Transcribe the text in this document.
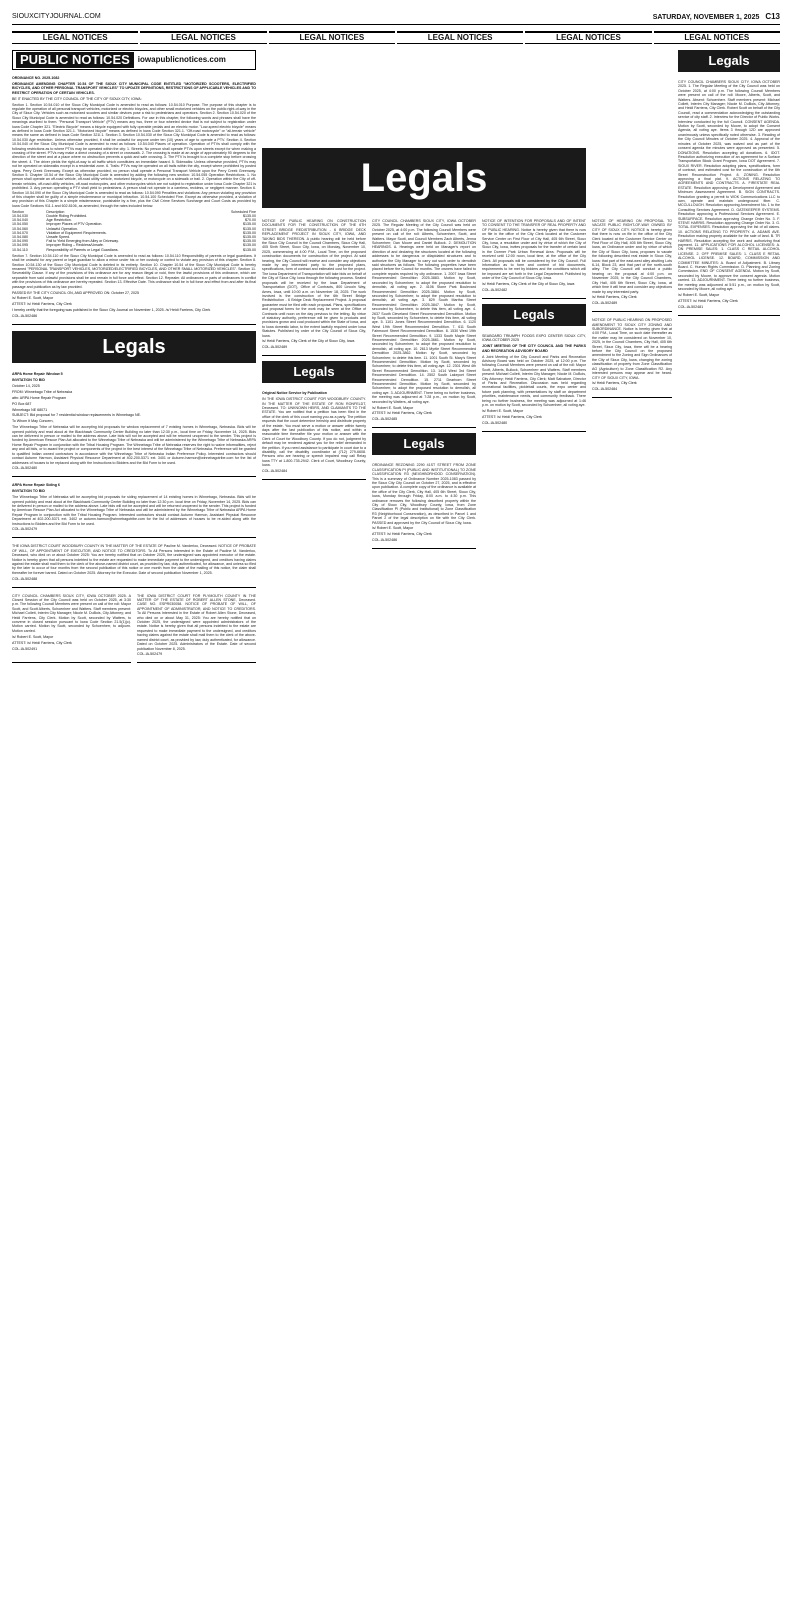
SIOUXCITYJOURNAL.COM	SATURDAY, NOVEMBER 1, 2025 C13
LEGAL NOTICES	LEGAL NOTICES	LEGAL NOTICES	LEGAL NOTICES	LEGAL NOTICES	LEGAL NOTICES
PUBLIC NOTICES	iowapublicnotices.com

ORDINANCE NO. 2025-1082

ORDINANCE AMENDING CHAPTER 10.54 OF THE SIOUX CITY MUNICIPAL CODE ENTITLED "MOTORIZED SCOOTERS, ELECTRIFIED BICYCLES, AND OTHER PERSONAL TRANSPORT VEHICLES" TO UPDATE DEFINITIONS, RESTRICTIONS OF APPLICABLE VEHICLES AND TO RESTRICT OPERATION OF CERTAIN VEHICLES.

BE IT ENACTED BY THE CITY COUNCIL OF THE CITY OF SIOUX CITY, IOWA:

Section 1. Section 10.54.010 of the Sioux City Municipal Code is amended to read as follows: 10.54.010 Purpose. The purpose of this chapter is to regulate the operation of all personal transport vehicles, motorized or electric bicycles, and other small motorized vehicles on the public right-of-way in the City of Sioux City. Vehicles such as motorized scooters and similar devices pose a risk to pedestrians and operators. Section 2. Section 10.54.020 of the Sioux City Municipal Code is amended to read as follows: 10.54.020 Definitions. For use in this chapter, the following words and phrases shall have the meanings ascribed to them. "Personal Transport Vehicle" (PTV) means any two, three or four wheeled device that is not subject to registration under Iowa Code Chapter 321. "Electric Bicycle" means a bicycle equipped with fully operable pedals and an electric motor. "Low-speed electric bicycle" means as defined in Iowa Code Section 321.1. "Motorized bicycle" means as defined in Iowa Code Section 321.1. "Off-road motorcycle" or "all-terrain vehicle" means the same as defined in Iowa Code Section 321I.1. Section 3. Section 10.54.030 of the Sioux City Municipal Code is amended to read as follows: 10.54.030 Age restriction. Unless otherwise provided, it shall be unlawful for anyone under ten (10) years of age to operate a PTV. Section 4. Section 10.54.040 of the Sioux City Municipal Code is amended to read as follows: 10.54.040 Places of operation. Operation of PTVs shall comply with the following restrictions as to where PTVs may be operated within the city: 1. Streets: No person shall operate PTVs upon streets except for when making a crossing of the street. PTVs may make a direct crossing of a street or crosswalk. 2. The crossing is made at an angle of approximately 90 degrees to the direction of the street and at a place where no obstruction prevents a quick and safe crossing. 3. The PTV is brought to a complete stop before crossing the street. 4. The driver yields the right-of-way to all traffic which constitutes an immediate hazard. 5. Sidewalks: Unless otherwise provided, PTVs may not be operated on sidewalks except in a residential zone. 6. Trails: PTVs may be operated on all trails within the city, except where prohibited by posted signs. Perry Creek Greenway. Except as otherwise provided, no person shall operate a Personal Transport Vehicle upon the Perry Creek Greenway. Section 5. Chapter 10.54 of the Sioux City Municipal Code is amended by adding the following new section: 10.54.055 Operation Restrictions. 1. No person shall operate an off-road vehicle, off-road utility vehicle, motorized bicycle, or motorcycle on a sidewalk or trail. 2. Operation within the City of off-terrain vehicles, off-road utility vehicles, off-road motorcycles, and other motorcycles which are not subject to registration under Iowa Code Chapter 321 is prohibited. 3. Any person operating a PTV shall yield to pedestrians. A person shall not operate in a careless, reckless, or negligent manner. Section 6. Section 10.54.090 of the Sioux City Municipal Code is amended to read as follows: 10.54.090 Penalties and violations: Any person violating any provision of this chapter shall be guilty of a simple misdemeanor or municipal infraction. 10.54.100 Scheduled Fine. Except as otherwise provided, a violation of any provision of this Chapter is a simple misdemeanor, punishable by a fine, plus the Civil Crime Services Surcharge and Court Costs as provided by Iowa Code Sections 911.1 and 602.8106, as amended, through the rates included below.

Section	Description	Scheduled Fine
10.54.030	Double Riding Prohibited.	$135.00
10.54.040	Age Restriction.	$70.00
10.54.050	Improper Places of PTV Operation.	$135.00
10.54.060	Unlawful Operation.	$135.00
10.54.070	Violation of Equipment Requirements.	$135.00
10.54.080	Unsafe Speed.	$135.00
10.54.090	Fail to Yield Emerging from Alley or Driveway.	$135.00
10.54.095	Improper Riding – Reckless/Unsafe.	$135.00
10.54.110	Responsibility of Parents or Legal Guardians.	$135.00

Section 7. Section 10.54.110 of the Sioux City Municipal Code is amended to read as follows: 10.54.110 Responsibility of parents or legal guardians. It shall be unlawful for any parent or legal guardian to allow a minor under his or her custody or control to violate any provision of this chapter. Section 8. Section 10.54.130 of the Sioux City Municipal Code is deleted in its entirety. Section 10. Chapter 10.54 of the Sioux City Municipal Code is hereby renamed "PERSONAL TRANSPORT VEHICLES, MOTORIZED/ELECTRIFIED BICYCLES, AND OTHER SMALL MOTORIZED VEHICLES". Section 11. Severability Clause. If any of the provisions of this ordinance are for any reason illegal or void, then the lawful provisions of this ordinance, which are separable from said unlawful provisions shall be and remain in full force and effect. Section 12. Repealer. All ordinances or parts of ordinances in conflict with the provisions of this ordinance are hereby repealed. Section 13. Effective Date. This ordinance shall be in full force and effect from and after its final passage and publication as by law provided.

PASSED BY THE CITY COUNCIL ON, AND APPROVED ON: October 27, 2025

/s/ Robert E. Scott, Mayor

ATTEST: /s/ Heidi Farriens, City Clerk

I hereby certify that the foregoing was published in the Sioux City Journal on November 1, 2025. /s/ Heidi Farriens, City Clerk

COL-IA-502486

Legals

ARPA Home Repair Window 5

INVITATION TO BID

October 14, 2025

FROM: Winnebago Tribe of Nebraska

attn: ARPA Home Repair Program

PO Box 687

Winnebago NE 68071

SUBJECT: Bid proposal for 7 residential window replacements in Winnebago NE.

To Whom It May Concern,

The Winnebago Tribe of Nebraska will be accepting bid proposals for window replacement of 7 existing homes in Winnebago, Nebraska. Bids will be opened publicly and read aloud at the Blackhawk Community Center Building no later than 12:30 p.m., local time on Friday, November 14, 2025. Bids can be delivered in person or mailed to the address above. Late bids will not be accepted and will be returned unopened to the sender. This project is funded by American Rescue Plan Act allocated to the Winnebago Tribe of Nebraska and will be administered by the Winnebago Tribe of Nebraska ARPA Home Repair Program in conjunction with the Tribal Housing Program. The Winnebago Tribe of Nebraska reserves the right to waive informalities, reject any and all bids, or to award the project or components of the project in the best interest of the Winnebago Tribe of Nebraska. Preference will be granted to qualified Indian owned contractors in accordance with the Winnebago Tribe of Nebraska Indian Preference Policy. Interested contractors should contact Autumn Harmon, Assistant Physical Resource Department at 402-200-5371 ext. 3401 or Autumn.harmon@winnebagotribe.com for the list of addresses of houses to be replaced along with the Instructions to Bidders and the Bid Form to be used.

COL-IA-502480

ARPA Home Repair Siding 6

INVITATION TO BID

The Winnebago Tribe of Nebraska will be accepting bid proposals for siding replacement of 14 existing homes in Winnebago, Nebraska. Bids will be opened publicly and read aloud at the Blackhawk Community Center Building no later than 12:30 p.m. local time on Friday, November 14, 2025. Bids can be delivered in person or mailed to the address above. Late bids will not be accepted and will be returned unopened to the sender. This project is funded by American Rescue Plan Act allocated to the Winnebago Tribe of Nebraska and will be administered by the Winnebago Tribe of Nebraska ARPA Home Repair Program in conjunction with the Tribal Housing Program. Interested contractors should contact Autumn Harmon, Assistant Physical Resource Department at 402-200-5371 ext. 3402 or autumn.harmon@winnebagotribe.com for the list of addresses of houses to be re-sided along with the Instructions to Bidders and the Bid Form to be used.

COL-IA-502479

THE IOWA DISTRICT COURT WOODBURY COUNTY IN THE MATTER OF THE ESTATE OF Pauline M. Vanderloo, Deceased. NOTICE OF PROBATE OF WILL, OF APPOINTMENT OF EXECUTOR, AND NOTICE TO CREDITORS. To All Persons Interested in the Estate of Pauline M. Vanderloo, Deceased, who died on or about October 2025: You are hereby notified that on October 2025, the undersigned was appointed executor of the estate. Notice is hereby given that all persons indebted to the estate are requested to make immediate payment to the undersigned, and creditors having claims against the estate shall mail them to the clerk of the above-named district court, as provided by law, duly authenticated, for allowance, and unless so filed by the later to occur of four months from the second publication of this notice or one month from the date of the mailing of this notice, the claim shall thereafter be forever barred. Dated on October 2025. Attorney for the Executor. Date of second publication November 1, 2025.

COL-IA-502488

CITY COUNCIL CHAMBERS SIOUX CITY, IOWA OCTOBER 2025. A Closed Session of the City Council was held on October 2025, at 3:30 p.m. The following Council Members were present on call of the roll: Mayor Scott, and Scott Alberts, Schoenherr and Watters. Staff members present: Michael Collett, Interim City Manager; Nicole M. DuBois, City Attorney; and Heidi Farriens, City Clerk. Motion by Scott, seconded by Watters, to convene in closed session pursuant to Iowa Code Section 21.5(1)(c). Motion carried. Motion by Scott, seconded by Schoenherr, to adjourn. Motion carried.

/s/ Robert E. Scott, Mayor

ATTEST: /s/ Heidi Farriens, City Clerk

COL-IA-502491

THE IOWA DISTRICT COURT FOR PLYMOUTH COUNTY IN THE MATTER OF THE ESTATE OF ROBERT ALLEN STONE, Deceased. CASE NO. ESPR030058. NOTICE OF PROBATE OF WILL, OF APPOINTMENT OF ADMINISTRATOR, AND NOTICE TO CREDITORS. To All Persons Interested in the Estate of Robert Allen Stone, Deceased, who died on or about May 31, 2025: You are hereby notified that on October 2025, the undersigned were appointed administrators of the estate. Notice is hereby given that all persons indebted to the estate are requested to make immediate payment to the undersigned, and creditors having claims against the estate shall mail them to the clerk of the above-named district court, as provided by law, duly authenticated, for allowance. Dated on October 2025. Administrators of the Estate. Date of second publication November 8, 2025.

COL-IA-502479

Legals

NOTICE OF PUBLIC HEARING ON CONSTRUCTION DOCUMENTS FOR THE CONSTRUCTION OF THE 6TH STREET BRIDGE REDISTRIBUTION - 6 BRIDGE DECK REPLACEMENT PROJECT IN SIOUX CITY, IOWA, AND TAKING BIDS THEREON. A public hearing will be held before the Sioux City Council in the Council Chambers, Sioux City Hall, 405 Sixth Street, Sioux City, Iowa, on Monday, November 10, 2025, commencing at 4:00 P.M., Local Time, on the proposed construction documents for construction of the project. At said hearing, the City Council will receive and consider any objections made by any interested party to the proposed plans, specifications, form of contract and estimated cost for the project. The Iowa Department of Transportation will take bids on behalf of the City of Sioux City, Iowa through the following process. Sealed proposals will be received by the Iowa Department of Transportation (DOT), Office of Contracts, 800 Lincoln Way, Ames, Iowa, until 10:00 a.m. on November 18, 2025. The work involved is the construction of the 6th Street Bridge Redistribution - 6 Bridge Deck Replacement Project. A proposal guarantee must be filed with each proposal. Plans, specifications and proposal forms for the work may be seen at the Office of Contracts until noon on the day previous to the letting. By virtue of statutory authority, preference will be given to products and provisions grown and coal produced within the State of Iowa, and to Iowa domestic labor, to the extent lawfully required under Iowa Statutes. Published by order of the City Council of Sioux City, Iowa.

/s/ Heidi Farriens, City Clerk of the City of Sioux City, Iowa

COL-IA-502489

Legals

Original Notice Service by Publication

IN THE IOWA DISTRICT COURT FOR WOODBURY COUNTY. IN THE MATTER OF THE ESTATE OF RON RONFELDT, Deceased. TO: UNKNOWN HEIRS, AND CLAIMANTS TO THE ESTATE. You are notified that a petition has been filed in the office of the clerk of this court naming you as a party. The petition requests that the court determine heirship and distribute property of the estate. You must serve a motion or answer within twenty days after the last publication of this notice, and within a reasonable time thereafter file your motion or answer with the Clerk of Court for Woodbury County. If you do not, judgment by default may be rendered against you for the relief demanded in the petition. If you need assistance to participate in court due to a disability, call the disability coordinator at (712) 279-6608. Persons who are hearing or speech impaired may call Relay Iowa TTY at 1-800-735-2942. Clerk of Court, Woodbury County, Iowa.

COL-IA-502484

CITY COUNCIL CHAMBERS SIOUX CITY, IOWA OCTOBER 2025. The Regular Meeting of the City Council was held on October 2025, at 4:00 p.m. The following Council Members were present on call of the roll: Alberts, Schoenherr, Scott, and Watters. Mayor Scott, and Council Members Zach Alberts, Jenna Schoenherr, Dan Moore and Daniel Bullock. 2. DEMOLITION HEARINGS. A. Hearings were held on Manager's report on direction of and declaring the structures located at the following addresses to be dangerous or dilapidated structures and to authorize the City Manager to carry out such order to demolish said structures as follows. The following properties have been placed before the Council for months. The owners have failed to complete repairs required by city ordinance. 1. 2007 Iowa Street Recommended Demolition 2025-3883. Motion by Scott, seconded by Schoenherr, to adopt the proposed resolution to demolish, all voting aye. 2. 4106 Stone Park Boulevard Recommended Demolition 2025-3884. Motion by Scott, seconded by Schoenherr, to adopt the proposed resolution to demolish, all voting aye. 3. 829 South Martha Street Recommended Demolition 2025-3847. Motion by Scott, seconded by Schoenherr, to delete this item, all voting aye. 4. 2637 South Cleveland Street Recommended Demolition. Motion by Scott, seconded by Schoenherr, to delete this item, all voting aye. 5. 1101 Jones Street Recommended Demolition. 6. 1120 West 19th Street Recommended Demolition. 7. 611 South Fairmount Street Recommended Demolition. 8. 1530 West 19th Street Recommended Demolition. 9. 1333 South Maple Street Recommended Demolition 2025-3661. Motion by Scott, seconded by Schoenherr, to adopt the proposed resolution to demolish, all voting aye. 10. 2613 Myrtle Street Recommended Demolition 2025-3862. Motion by Scott, seconded by Schoenherr, to delete this item. 11. 1001 South St. Mary's Street Recommended Demolition. Motion by Scott, seconded by Schoenherr, to delete this item, all voting aye. 12. 2301 West 4th Street Recommended Demolition. 13. 1414 West 3rd Street Recommended Demolition. 14. 2502 South Lakeport Street Recommended Demolition. 15. 2711 Dearborn Street Recommended Demolition. Motion by Scott, seconded by Schoenherr, to adopt the proposed resolution to demolish, all voting aye. 3. ADJOURNMENT. There being no further business, the meeting was adjourned at 7:28 p.m., on motion by Scott, seconded by Watters, all voting aye.

/s/ Robert E. Scott, Mayor

ATTEST: /s/ Heidi Farriens, City Clerk

COL-IA-502485

Legals

ORDINANCE REZONING 2290 41ST STREET FROM ZONE CLASSIFICATION PI (PUBLIC AND INSTITUTIONAL) TO ZONE CLASSIFICATION R3 (NEIGHBORHOOD CONSERVATION). This is a summary of Ordinance Number 2025-1083 passed by the Sioux City City Council on October 27, 2025, and is effective upon publication. A complete copy of the ordinance is available at the office of the City Clerk, City Hall, 405 6th Street, Sioux City, Iowa, Monday through Friday, 8:00 a.m. to 4:30 p.m. This ordinance removes the following described property within the City of Sioux City, Woodbury County, Iowa, from Zone Classification PI (Public and Institutional) to Zone Classification R3 (Neighborhood Conservation), as described in Parcel 1 and Parcel 2 of the legal description on file with the City Clerk. PASSED and approved by the City Council of Sioux City, Iowa.

/s/ Robert E. Scott, Mayor

ATTEST: /s/ Heidi Farriens, City Clerk

COL-IA-502486

NOTICE OF INTENTION FOR PROPOSALS AND OF INTENT TO CONSENT TO THE TRANSFER OF REAL PROPERTY AND OF PUBLIC HEARING. Notice is hereby given that there is now on file in the office of the City Clerk located at the Customer Service Center on First Floor of City Hall, 405 6th Street, Sioux City, Iowa, a resolution under and by virtue of which the City of Sioux City, Iowa, invites proposals for the transfer of certain land in the Dormer Park Urban Renewal Area. Proposals will be received until 12:00 noon, local time, at the office of the City Clerk. All proposals will be considered by the City Council. Full information as to form and content of bid documents, requirements to be met by bidders and the conditions which will be imposed are set forth in the Legal Department. Published by order of the City Council of Sioux City, Iowa.

/s/ Heidi Farriens, City Clerk of the City of Sioux City, Iowa

COL-IA-502482

Legals

SEABOARD TRIUMPH FOODS EXPO CENTER SIOUX CITY, IOWA OCTOBER 2025

JOINT MEETING OF THE CITY COUNCIL AND THE PARKS AND RECREATION ADVISORY BOARD

A Joint Meeting of the City Council and Parks and Recreation Advisory Board was held on October 2025, at 12:00 p.m. The following Council Members were present on call of the roll: Mayor Scott, Alberts, Bullock, Schoenherr and Watters. Staff members present: Michael Collett, Interim City Manager; Nicole M. DuBois, City Attorney; Heidi Farriens, City Clerk; Matt Salvatore, Director of Parks and Recreation. Discussion was held regarding recreational facilities, pickleball courts, the expo center and future park planning, with presentations by staff on department priorities, maintenance needs, and community feedback. There being no further business, the meeting was adjourned at 1:46 p.m. on motion by Scott, seconded by Schoenherr, all voting aye.

/s/ Robert E. Scott, Mayor

ATTEST: /s/ Heidi Farriens, City Clerk

COL-IA-502480

NOTICE OF HEARING ON PROPOSAL TO VACATE PUBLIC RIGHT-OF-WAY OWNED BY CITY OF SIOUX CITY. NOTICE is hereby given that there is now on file in the office of the City Clerk located at the Customer Service Center on First Floor of City Hall, 405 6th Street, Sioux City, Iowa, an Ordinance under and by virtue of which the City of Sioux City, Iowa, proposes to vacate the following described real estate in Sioux City, Iowa: that part of the east-west alley abutting Lots 6-14, Block 23, and that part of the north-south alley. The City Council will conduct a public hearing on the proposal at 4:00 p.m. on November 2025, in the City Council Chambers, City Hall, 405 6th Street, Sioux City, Iowa, at which time it will hear and consider any objections made by any interested party.

/s/ Heidi Farriens, City Clerk

COL-IA-502489

NOTICE OF PUBLIC HEARING ON PROPOSED AMENDMENT TO SIOUX CITY ZONING AND SUBORDINANCE. Notice is hereby given that at 4:00 P.M., Local Time, on such date thereafter as the matter may be considered on November 10, 2025, in the Council Chambers, City Hall, 405 6th Street, Sioux City, Iowa, there will be a hearing before the City Council on the proposed amendment to the Zoning and Sign Ordinances of the City of Sioux City, Iowa, changing the zoning classification of property from Zone Classification AG (Agriculture) to Zone Classification R2. Any interested persons may appear and be heard. CITY OF SIOUX CITY, IOWA.

/s/ Heidi Farriens, City Clerk

COL-IA-502484

Legals

CITY COUNCIL CHAMBERS SIOUX CITY, IOWA OCTOBER 2025. 1. The Regular Meeting of the City Council was held on October 2025, at 4:00 p.m. The following Council Members were present on call of the roll: Moore, Alberts, Scott, and Watters. Absent: Schoenherr. Staff members present: Michael Collett, Interim City Manager; Nicole M. DuBois, City Attorney; and Heidi Farriens, City Clerk. Robert Scott on behalf of the City Council, read a commendation acknowledging the outstanding service of city staff. 2. Interview for the Director of Public Works. Interview conducted by the full Council. CONSENT AGENDA. Motion by Scott, seconded by Moore, to adopt the Consent Agenda, all voting aye. Items 3 through 12D are approved unanimously unless specifically noted otherwise. 3. Reading of the City Council Minutes of October 2025. 4. Approval of the minutes of October 2025, was waived and as part of the consent agenda the minutes were approved as presented. 5. DONATIONS. Resolution accepting all donations. 6. IDOT. Resolution authorizing execution of an agreement for a Surface Transportation Block Grant Program, Iowa DOT Agreement. 7. SIOUX RIVER. Resolution adopting plans, specifications, form of contract, and estimated cost for the construction of the 6th Street Reconstruction Project. 8. ZONING. Resolution approving a final plat. 9. ACTIONS RELATING TO AGREEMENTS AND CONTRACTS. A. FIRESTATE REAL ESTATE. Resolution approving a Development Agreement and Minimum Assessment Agreement. B. SIGN CONTRACTS. Resolution granting a permit to WOK Communications LLC to own, operate and maintain underground fiber. C. MCCULLOUGH. Resolution approving Amendment No. 1 to the Consulting Services Agreement. D. GATEKEEPER SYSTEMS. Resolution approving a Professional Services Agreement. E. SUBSURFACE. Resolution approving Change Order No. 3. F. STEVE HARRIS. Resolution approving Change Order No. 3. G. TOTAL EXPENSES. Resolution approving the list of all claims. 10. ACTIONS RELATING TO PROPERTY. A. ADAMS AVE. Resolution making property available for the sale of land. B. TR HARRIS. Resolution accepting the work and authorizing final payment. 11. APPLICATIONS FOR ALCOHOL LICENSES: A. ON PREMISE SALES: 1. CLASS C RETAIL ALCOHOL LICENSE. 2. OFF PREMISE SALES: 1. CLASS E RETAIL ALCOHOL LICENSE. 12. BOARD, COMMISSION AND COMMITTEE MINUTES: A. Board of Adjustment. B. Library Board. C. Human Rights Commission. D. Planning and Zoning Commission. END OF CONSENT AGENDA. Motion by Scott, seconded by Moore, to approve the consent agenda. Motion carried. 13. ADJOURNMENT. There being no further business, the meeting was adjourned at 5:51 p.m., on motion by Scott, seconded by Moore, all voting aye.

/s/ Robert E. Scott, Mayor

ATTEST: /s/ Heidi Farriens, City Clerk

COL-IA-502481
